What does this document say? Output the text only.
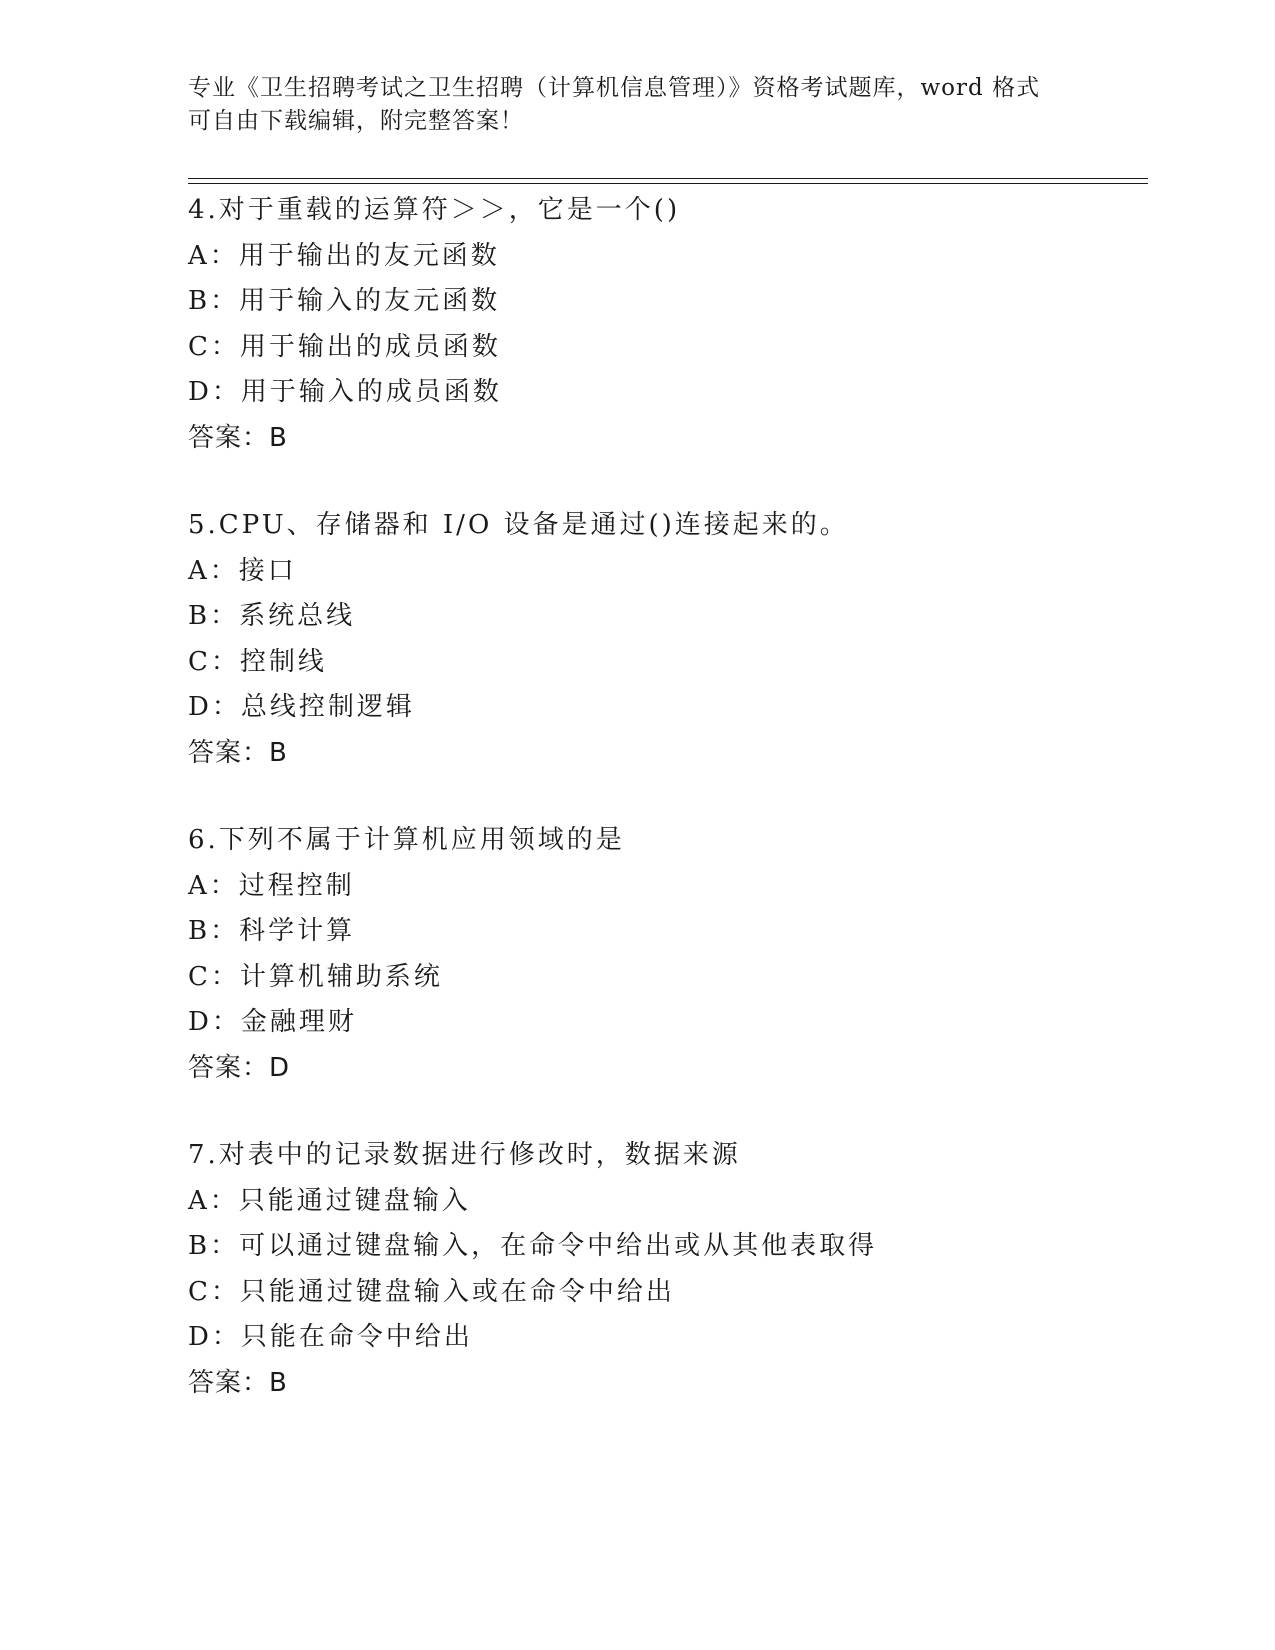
专业《卫生招聘考试之卫生招聘（计算机信息管理）》资格考试题库，word 格式
可自由下载编辑，附完整答案！
4.对于重载的运算符＞＞，它是一个()
A：用于输出的友元函数
B：用于输入的友元函数
C：用于输出的成员函数
D：用于输入的成员函数
答案：B
5.CPU、存储器和 I/O 设备是通过()连接起来的。
A：接口
B：系统总线
C：控制线
D：总线控制逻辑
答案：B
6.下列不属于计算机应用领域的是
A：过程控制
B：科学计算
C：计算机辅助系统
D：金融理财
答案：D
7.对表中的记录数据进行修改时，数据来源
A：只能通过键盘输入
B：可以通过键盘输入，在命令中给出或从其他表取得
C：只能通过键盘输入或在命令中给出
D：只能在命令中给出
答案：B
